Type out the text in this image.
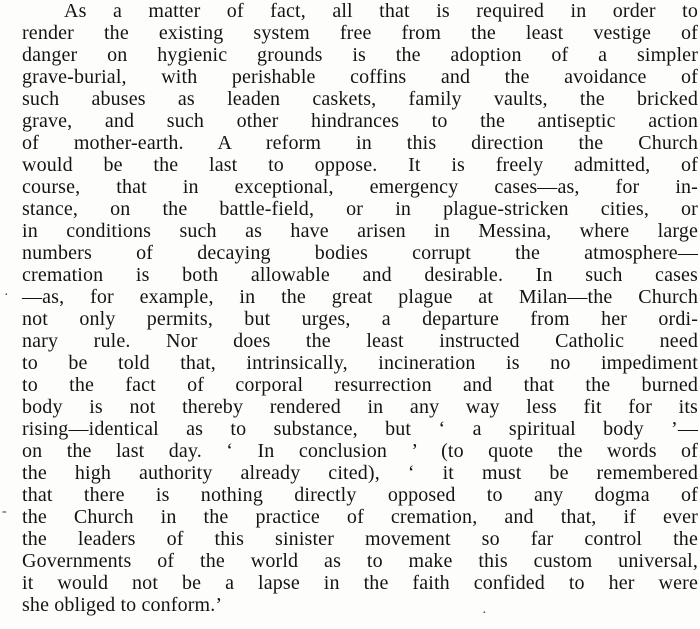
As a matter of fact, all that is required in order to
render the existing system free from the least vestige of
danger on hygienic grounds is the adoption of a simpler
grave-burial, with perishable coffins and the avoidance of
such abuses as leaden caskets, family vaults, the bricked
grave, and such other hindrances to the antiseptic action
of mother-earth. A reform in this direction the Church
would be the last to oppose. It is freely admitted, of
course, that in exceptional, emergency cases—as, for in-
stance, on the battle-field, or in plague-stricken cities, or
in conditions such as have arisen in Messina, where large
numbers of decaying bodies corrupt the atmosphere—
cremation is both allowable and desirable. In such cases
—as, for example, in the great plague at Milan—the Church
not only permits, but urges, a departure from her ordi-
nary rule. Nor does the least instructed Catholic need
to be told that, intrinsically, incineration is no impediment
to the fact of corporal resurrection and that the burned
body is not thereby rendered in any way less fit for its
rising—identical as to substance, but ‘ a spiritual body ’—
on the last day. ‘ In conclusion ’ (to quote the words of
the high authority already cited), ‘ it must be remembered
that there is nothing directly opposed to any dogma of
the Church in the practice of cremation, and that, if ever
the leaders of this sinister movement so far control the
Governments of the world as to make this custom universal,
it would not be a lapse in the faith confided to her were
she obliged to conform.’
·
-
·
